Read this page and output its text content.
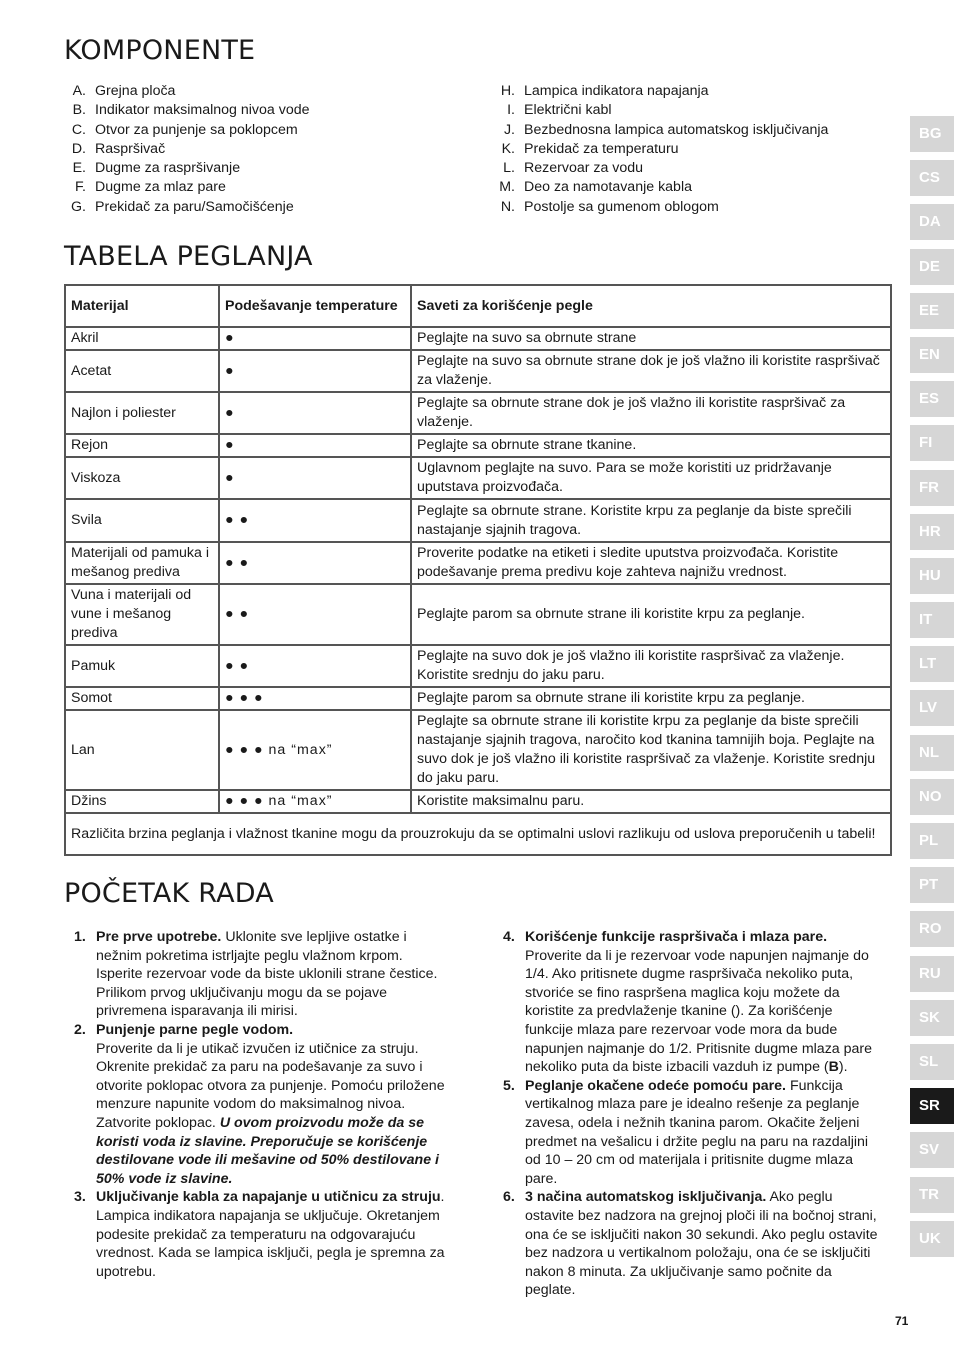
KOMPONENTE
A. Grejna ploča
B. Indikator maksimalnog nivoa vode
C. Otvor za punjenje sa poklopcem
D. Raspršivač
E. Dugme za raspršivanje
F. Dugme za mlaz pare
G. Prekidač za paru/Samočišćenje
H. Lampica indikatora napajanja
I. Električni kabl
J. Bezbednosna lampica automatskog isključivanja
K. Prekidač za temperaturu
L. Rezervoar za vodu
M. Deo za namotavanje kabla
N. Postolje sa gumenom oblogom
TABELA PEGLANJA
Materijal	Podešavanje temperature	Saveti za korišćenje pegle
Akril	●	Peglajte na suvo sa obrnute strane
Acetat	●	Peglajte na suvo sa obrnute strane dok je još vlažno ili koristite raspršivač za vlaženje.
Najlon i poliester	●	Peglajte sa obrnute strane dok je još vlažno ili koristite raspršivač za vlaženje.
Rejon	●	Peglajte sa obrnute strane tkanine.
Viskoza	●	Uglavnom peglajte na suvo. Para se može koristiti uz pridržavanje uputstava proizvođača.
Svila	● ●	Peglajte sa obrnute strane. Koristite krpu za peglanje da biste sprečili nastajanje sjajnih tragova.
Materijali od pamuka i mešanog prediva	● ●	Proverite podatke na etiketi i sledite uputstva proizvođača. Koristite podešavanje prema predivu koje zahteva najnižu vrednost.
Vuna i materijali od vune i mešanog prediva	● ●	Peglajte parom sa obrnute strane ili koristite krpu za peglanje.
Pamuk	● ●	Peglajte na suvo dok je još vlažno ili koristite raspršivač za vlaženje. Koristite srednju do jaku paru.
Somot	● ● ●	Peglajte parom sa obrnute strane ili koristite krpu za peglanje.
Lan	● ● ● na “max”	Peglajte sa obrnute strane ili koristite krpu za peglanje da biste sprečili nastajanje sjajnih tragova, naročito kod tkanina tamnijih boja. Peglajte na suvo dok je još vlažno ili koristite raspršivač za vlaženje. Koristite srednju do jaku paru.
Džins	● ● ● na “max”	Koristite maksimalnu paru.
Različita brzina peglanja i vlažnost tkanine mogu da prouzrokuju da se optimalni uslovi razlikuju od uslova preporučenih u tabeli!		
POČETAK RADA
1. Pre prve upotrebe. Uklonite sve lepljive ostatke i nežnim pokretima istrljajte peglu vlažnom krpom. Isperite rezervoar vode da biste uklonili strane čestice. Prilikom prvog uključivanju mogu da se pojave privremena isparavanja ili mirisi.
2. Punjenje parne pegle vodom.
Proverite da li je utikač izvučen iz utičnice za struju. Okrenite prekidač za paru na podešavanje za suvo i otvorite poklopac otvora za punjenje. Pomoću priložene menzure napunite vodom do maksimalnog nivoa. Zatvorite poklopac. U ovom proizvodu može da se koristi voda iz slavine. Preporučuje se korišćenje destilovane vode ili mešavine od 50% destilovane i 50% vode iz slavine.
3. Uključivanje kabla za napajanje u utičnicu za struju. Lampica indikatora napajanja se uključuje. Okretanjem podesite prekidač za temperaturu na odgovarajuću vrednost. Kada se lampica isključi, pegla je spremna za upotrebu.
4. Korišćenje funkcije raspršivača i mlaza pare.
Proverite da li je rezervoar vode napunjen najmanje do 1/4. Ako pritisnete dugme raspršivača nekoliko puta, stvoriće se fino raspršena maglica koju možete da koristite za predvlaženje tkanine (). Za korišćenje funkcije mlaza pare rezervoar vode mora da bude napunjen najmanje do 1/2. Pritisnite dugme mlaza pare nekoliko puta da biste izbacili vazduh iz pumpe (B).
5. Peglanje okačene odeće pomoću pare. Funkcija vertikalnog mlaza pare je idealno rešenje za peglanje zavesa, odela i nežnih tkanina parom. Okačite željeni predmet na vešalicu i držite peglu na paru na razdaljini od 10 – 20 cm od materijala i pritisnite dugme mlaza pare.
6. 3 načina automatskog isključivanja. Ako peglu ostavite bez nadzora na grejnoj ploči ili na bočnoj strani, ona će se isključiti nakon 30 sekundi. Ako peglu ostavite bez nadzora u vertikalnom položaju, ona će se isključiti nakon 8 minuta. Za uključivanje samo počnite da peglate.
BG
CS
DA
DE
EE
EN
ES
FI
FR
HR
HU
IT
LT
LV
NL
NO
PL
PT
RO
RU
SK
SL
SR
SV
TR
UK
71
